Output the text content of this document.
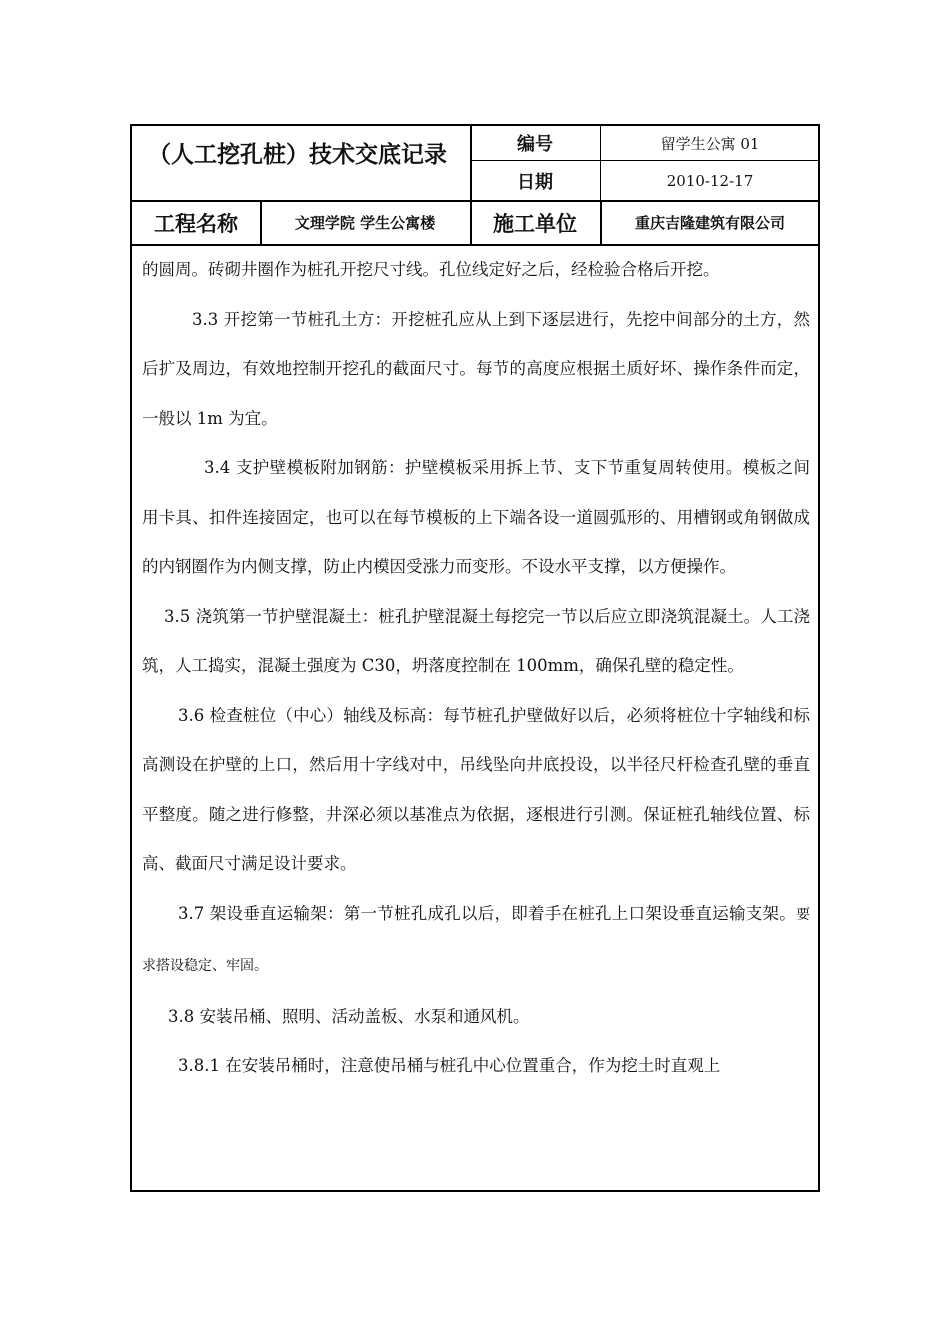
（人工挖孔桩）技术交底记录	编号	留学生公寓 01
日期	2010-12-17
工程名称	文理学院 学生公寓楼	施工单位	重庆吉隆建筑有限公司

的圆周。砖砌井圈作为桩孔开挖尺寸线。孔位线定好之后，经检验合格后开挖。

3.3 开挖第一节桩孔土方：开挖桩孔应从上到下逐层进行，先挖中间部分的土方，然后扩及周边，有效地控制开挖孔的截面尺寸。每节的高度应根据土质好坏、操作条件而定，一般以 1m 为宜。

3.4 支护壁模板附加钢筋：护壁模板采用拆上节、支下节重复周转使用。模板之间用卡具、扣件连接固定，也可以在每节模板的上下端各设一道圆弧形的、用槽钢或角钢做成的内钢圈作为内侧支撑，防止内模因受涨力而变形。不设水平支撑，以方便操作。

3.5 浇筑第一节护壁混凝土：桩孔护壁混凝土每挖完一节以后应立即浇筑混凝土。人工浇筑，人工捣实，混凝土强度为 C30，坍落度控制在 100mm，确保孔壁的稳定性。

3.6 检查桩位（中心）轴线及标高：每节桩孔护壁做好以后，必须将桩位十字轴线和标高测设在护壁的上口，然后用十字线对中，吊线坠向井底投设，以半径尺杆检查孔壁的垂直平整度。随之进行修整，井深必须以基准点为依据，逐根进行引测。保证桩孔轴线位置、标高、截面尺寸满足设计要求。

3.7 架设垂直运输架：第一节桩孔成孔以后，即着手在桩孔上口架设垂直运输支架。要求搭设稳定、牢固。

3.8 安装吊桶、照明、活动盖板、水泵和通风机。

3.8.1 在安装吊桶时，注意使吊桶与桩孔中心位置重合，作为挖土时直观上
